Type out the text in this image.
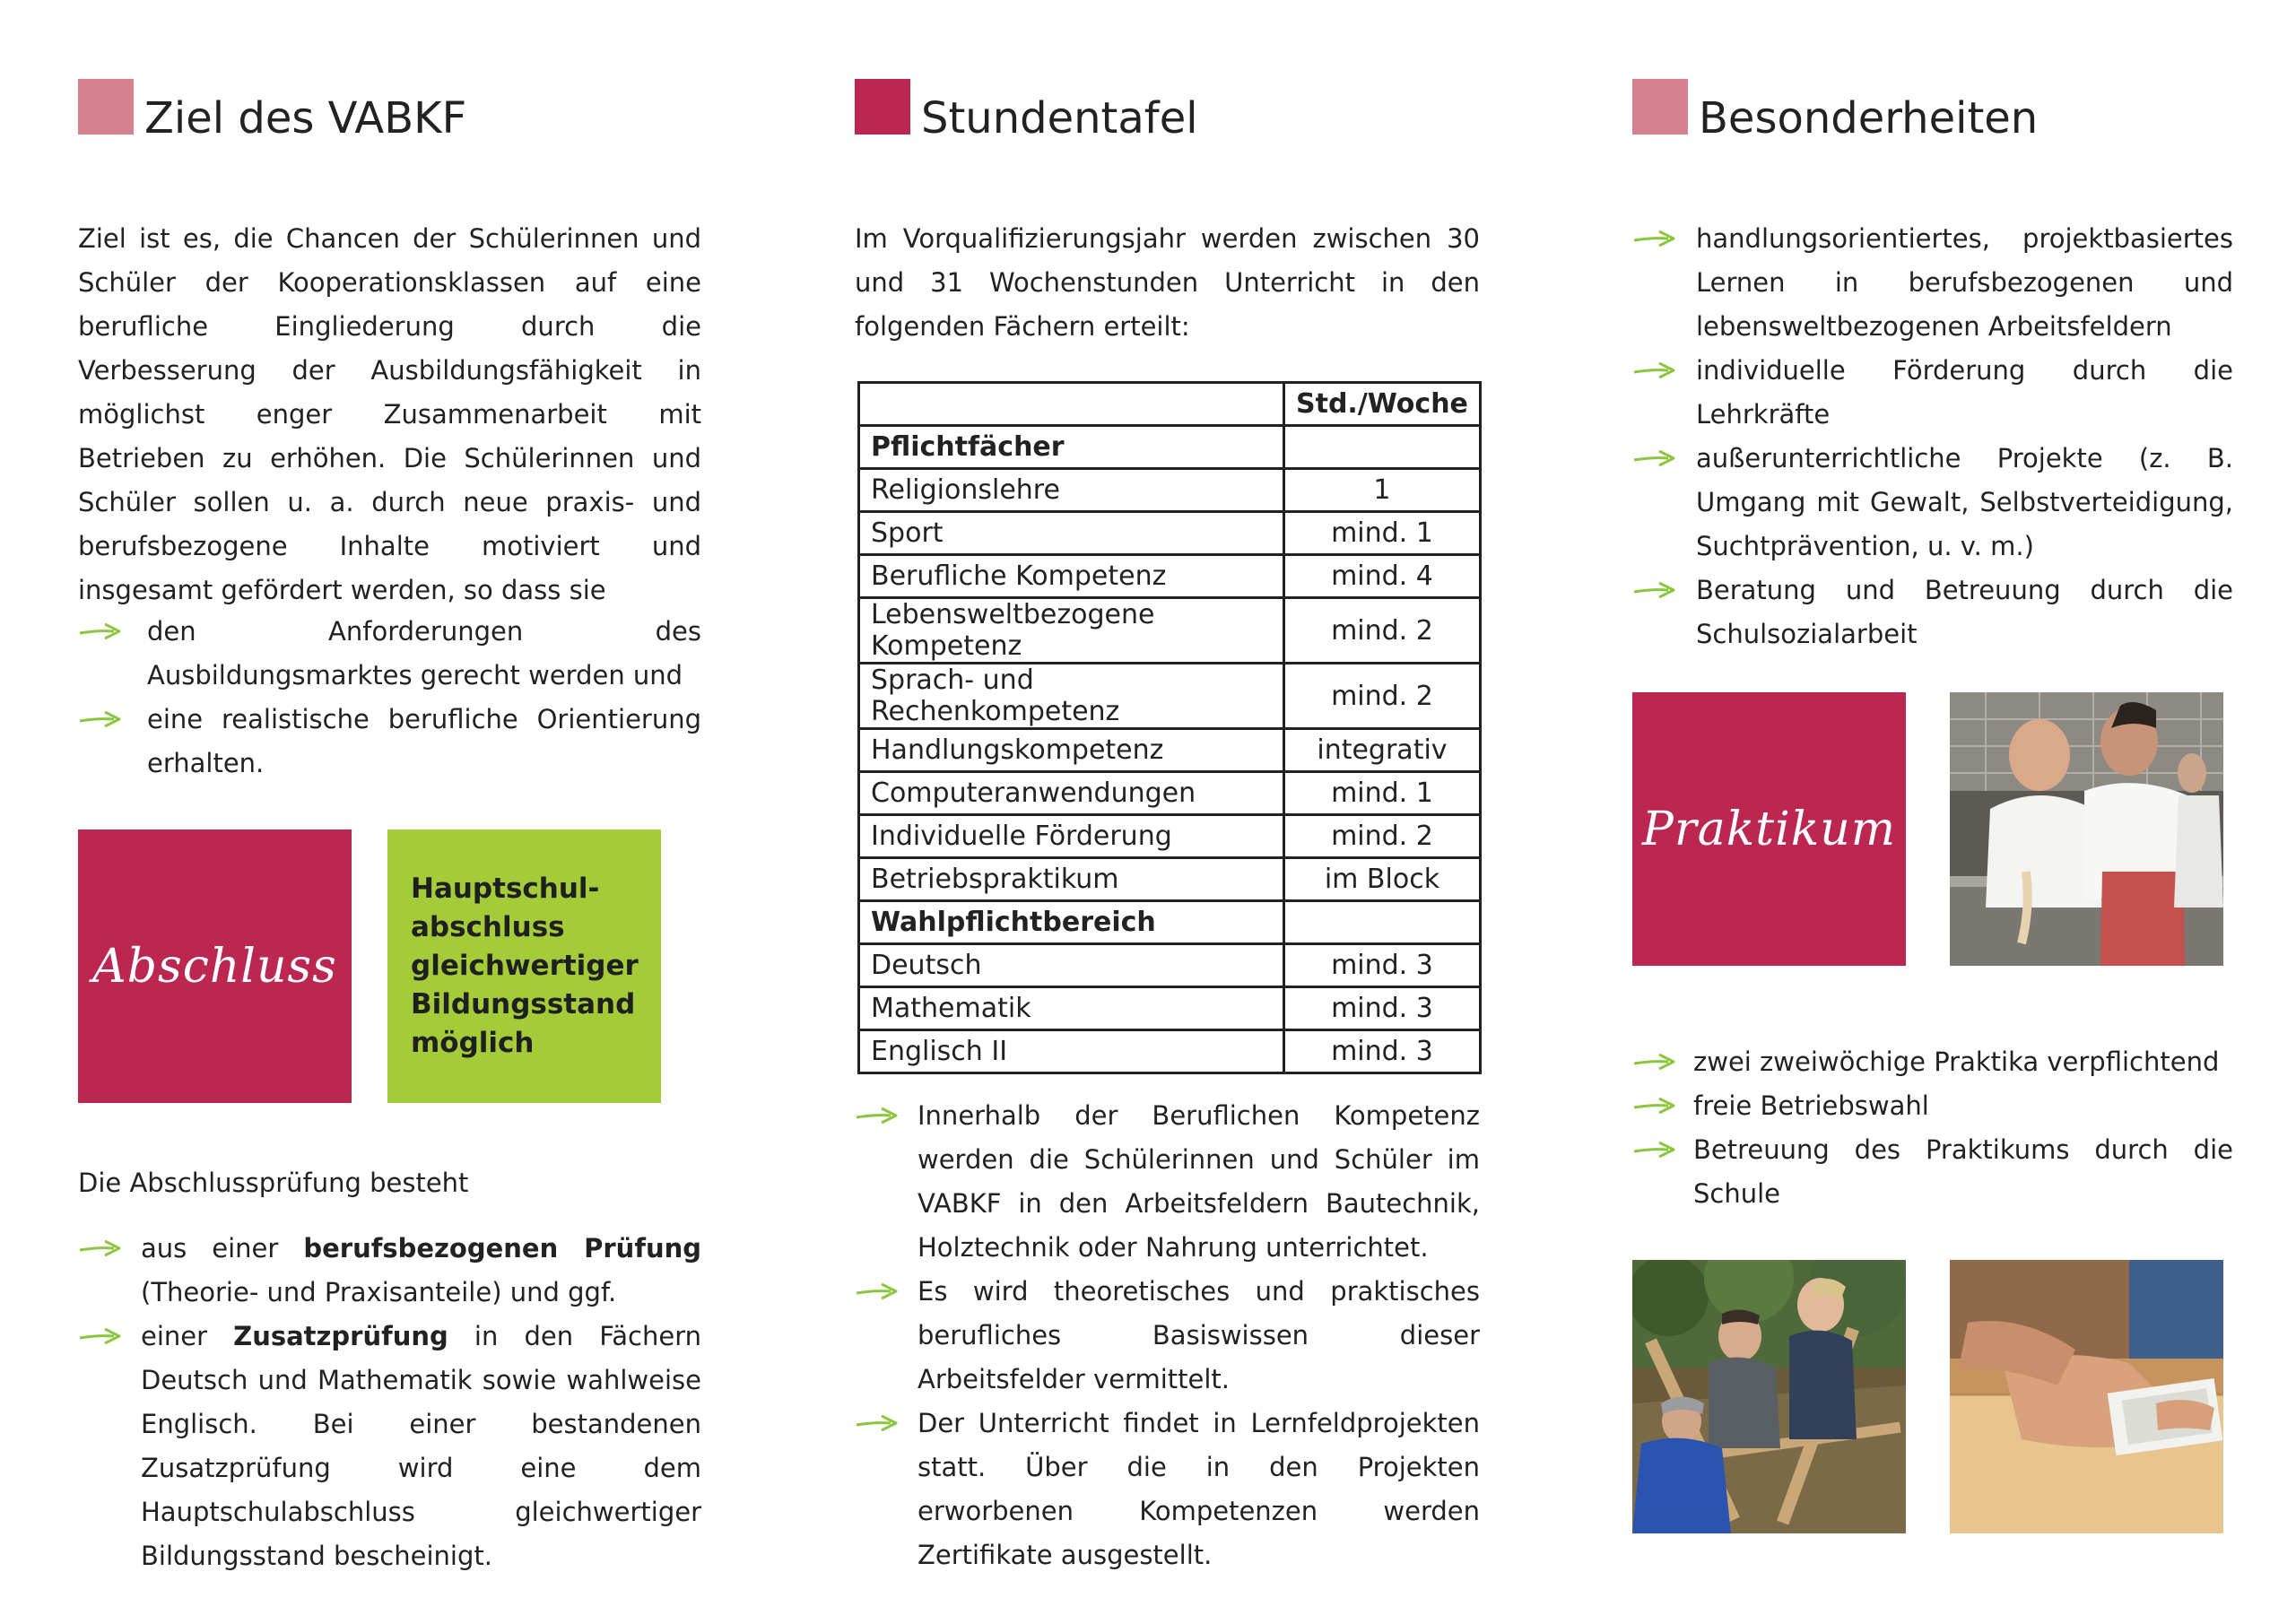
Ziel des VABKF

Ziel ist es, die Chancen der Schülerinnen und Schüler der Kooperationsklassen auf eine berufliche Eingliederung durch die Verbesserung der Ausbildungsfähigkeit in möglichst enger Zusammenarbeit mit Betrieben zu erhöhen. Die Schülerinnen und Schüler sollen u. a. durch neue praxis- und berufsbezogene Inhalte motiviert und insgesamt gefördert werden, so dass sie

den Anforderungen des Ausbildungsmarktes gerecht werden und
eine realistische berufliche Orientierung erhalten.
Abschluss
Hauptschul-
abschluss
gleichwertiger
Bildungsstand
möglich

Die Abschlussprüfung besteht

aus einer berufsbezogenen Prüfung (Theorie- und Praxisanteile) und ggf.
einer Zusatzprüfung in den Fächern Deutsch und Mathematik sowie wahlweise Englisch. Bei einer bestandenen Zusatzprüfung wird eine dem Hauptschulabschluss gleichwertiger Bildungsstand bescheinigt.
Stundentafel

Im Vorqualifizierungsjahr werden zwischen 30 und 31 Wochenstunden Unterricht in den folgenden Fächern erteilt:

	Std./Woche
Pflichtfächer	
Religionslehre	1
Sport	mind. 1
Berufliche Kompetenz	mind. 4
Lebensweltbezogene Kompetenz	mind. 2
Sprach- und Rechenkompetenz	mind. 2
Handlungskompetenz	integrativ
Computeranwendungen	mind. 1
Individuelle Förderung	mind. 2
Betriebspraktikum	im Block
Wahlpflichtbereich	
Deutsch	mind. 3
Mathematik	mind. 3
Englisch II	mind. 3
Innerhalb der Beruflichen Kompetenz werden die Schülerinnen und Schüler im VABKF in den Arbeitsfeldern Bautechnik, Holztechnik oder Nahrung unterrichtet.
Es wird theoretisches und praktisches berufliches Basiswissen dieser Arbeitsfelder vermittelt.
Der Unterricht findet in Lernfeldprojekten statt. Über die in den Projekten erworbenen Kompetenzen werden Zertifikate ausgestellt.
Besonderheiten
handlungsorientiertes, projektbasiertes Lernen in berufsbezogenen und lebensweltbezogenen Arbeitsfeldern
individuelle Förderung durch die Lehrkräfte
außerunterrichtliche Projekte (z. B. Umgang mit Gewalt, Selbstverteidigung, Suchtprävention, u. v. m.)
Beratung und Betreuung durch die Schulsozialarbeit
Praktikum
zwei zweiwöchige Praktika verpflichtend
freie Betriebswahl
Betreuung des Praktikums durch die Schule
